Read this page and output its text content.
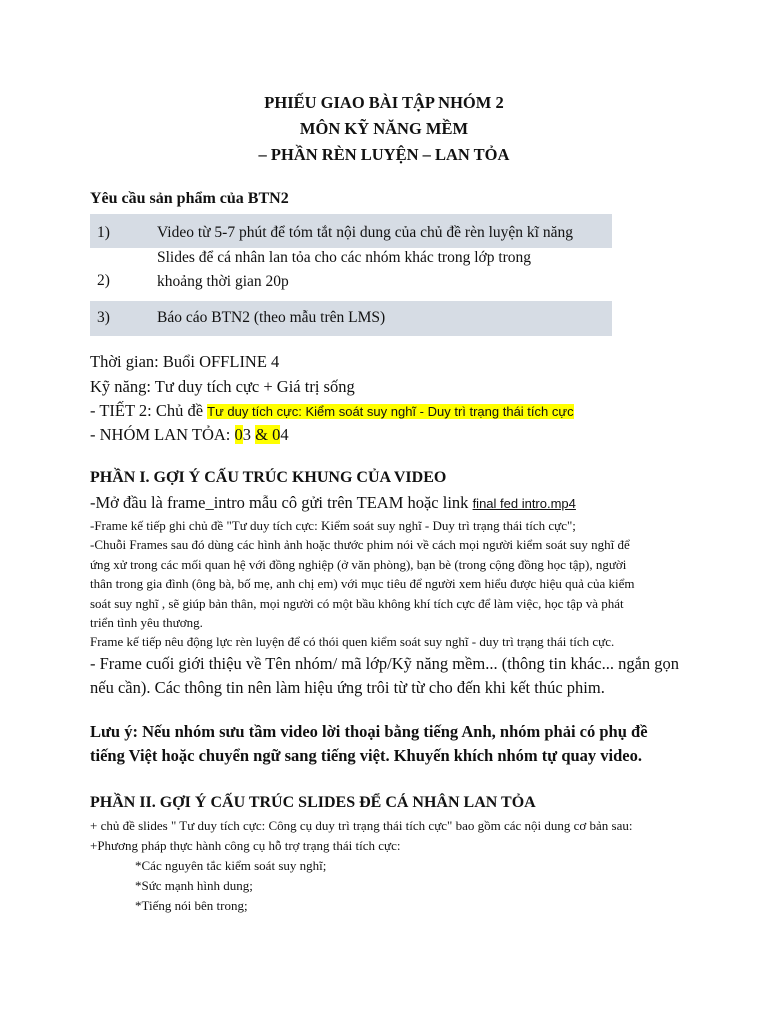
PHIẾU GIAO BÀI TẬP NHÓM 2
MÔN KỸ NĂNG MỀM
– PHẦN RÈN LUYỆN – LAN TỎA
Yêu cầu sản phẩm của BTN2
1)	Video từ 5-7 phút để tóm tắt nội dung của chủ đề rèn luyện kĩ năng
2)
Slides để cá nhân lan tỏa cho các nhóm khác trong lớp trong
khoảng thời gian 20p
3)	Báo cáo BTN2 (theo mẫu trên LMS)
Thời gian: Buổi OFFLINE 4
Kỹ năng: Tư duy tích cực + Giá trị sống
- TIẾT 2: Chủ đề Tư duy tích cực: Kiểm soát suy nghĩ - Duy trì trạng thái tích cực
- NHÓM LAN TỎA: 03 & 04
PHẦN I. GỢI Ý CẤU TRÚC KHUNG CỦA VIDEO
-Mở đầu là frame_intro mẫu cô gửi trên TEAM hoặc link final fed intro.mp4
-Frame kế tiếp ghi chủ đề "Tư duy tích cực: Kiểm soát suy nghĩ - Duy trì trạng thái tích cực";
-Chuỗi Frames sau đó dùng các hình ảnh hoặc thước phim nói về cách mọi người kiểm soát suy nghĩ để
ứng xử trong các mối quan hệ với đồng nghiệp (ở văn phòng), bạn bè (trong cộng đồng học tập), người
thân trong gia đình (ông bà, bố mẹ, anh chị em) với mục tiêu để người xem hiểu được hiệu quả của kiểm
soát suy nghĩ , sẽ giúp bản thân, mọi người có một bầu không khí tích cực để làm việc, học tập và phát
triển tình yêu thương.
Frame kế tiếp nêu động lực rèn luyện để có thói quen kiểm soát suy nghĩ - duy trì trạng thái tích cực.
- Frame cuối giới thiệu về Tên nhóm/ mã lớp/Kỹ năng mềm... (thông tin khác... ngắn gọn
nếu cần). Các thông tin nên làm hiệu ứng trôi từ từ cho đến khi kết thúc phim.
Lưu ý: Nếu nhóm sưu tầm video lời thoại bằng tiếng Anh, nhóm phải có phụ đề
tiếng Việt hoặc chuyển ngữ sang tiếng việt. Khuyến khích nhóm tự quay video.
PHẦN II. GỢI Ý CẤU TRÚC SLIDES ĐỂ CÁ NHÂN LAN TỎA
+ chủ đề slides " Tư duy tích cực: Công cụ duy trì trạng thái tích cực" bao gồm các nội dung cơ bản sau:
+Phương pháp thực hành công cụ hỗ trợ trạng thái tích cực:
*Các nguyên tắc kiểm soát suy nghĩ;
*Sức mạnh hình dung;
*Tiếng nói bên trong;
